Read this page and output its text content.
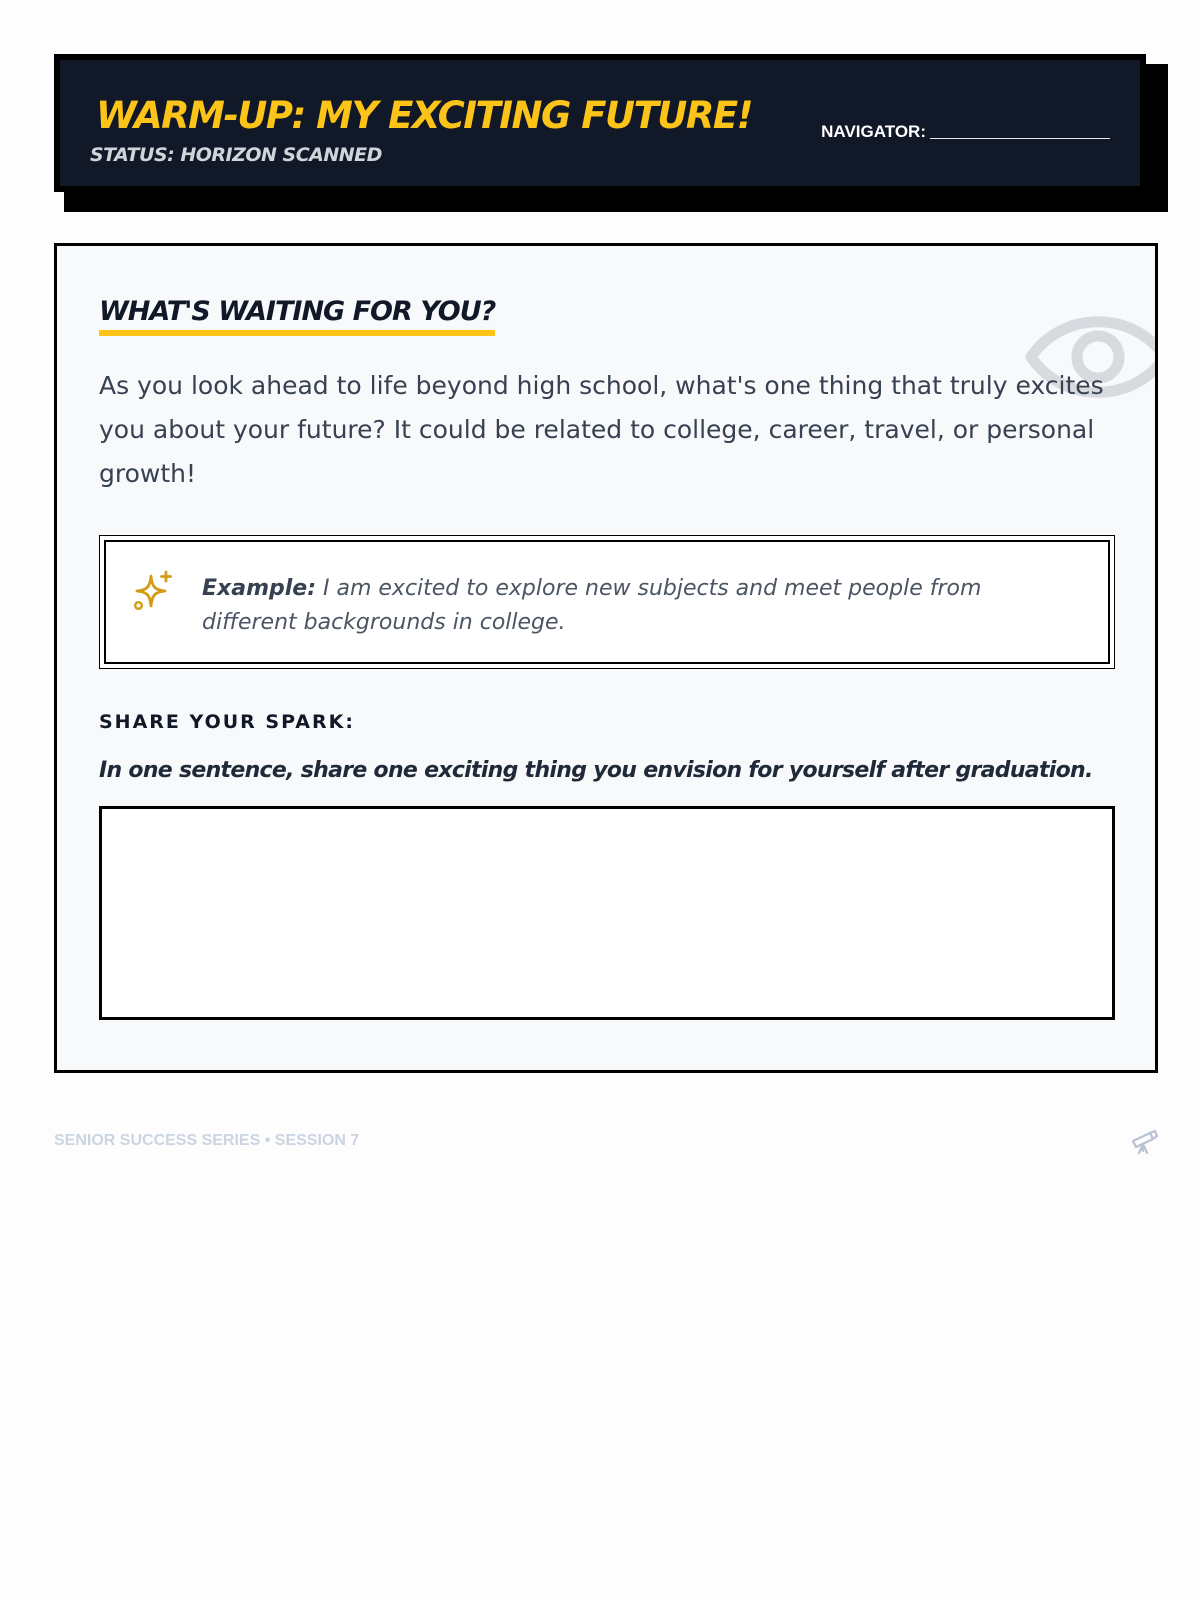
WARM-UP: MY EXCITING FUTURE!
STATUS: HORIZON SCANNED
NAVIGATOR:
WHAT'S WAITING FOR YOU?

As you look ahead to life beyond high school, what's one thing that truly excites you about your future? It could be related to college, career, travel, or personal growth!

Example: I am excited to explore new subjects and meet people from different backgrounds in college.

SHARE YOUR SPARK:
In one sentence, share one exciting thing you envision for yourself after graduation.
SENIOR SUCCESS SERIES • SESSION 7
